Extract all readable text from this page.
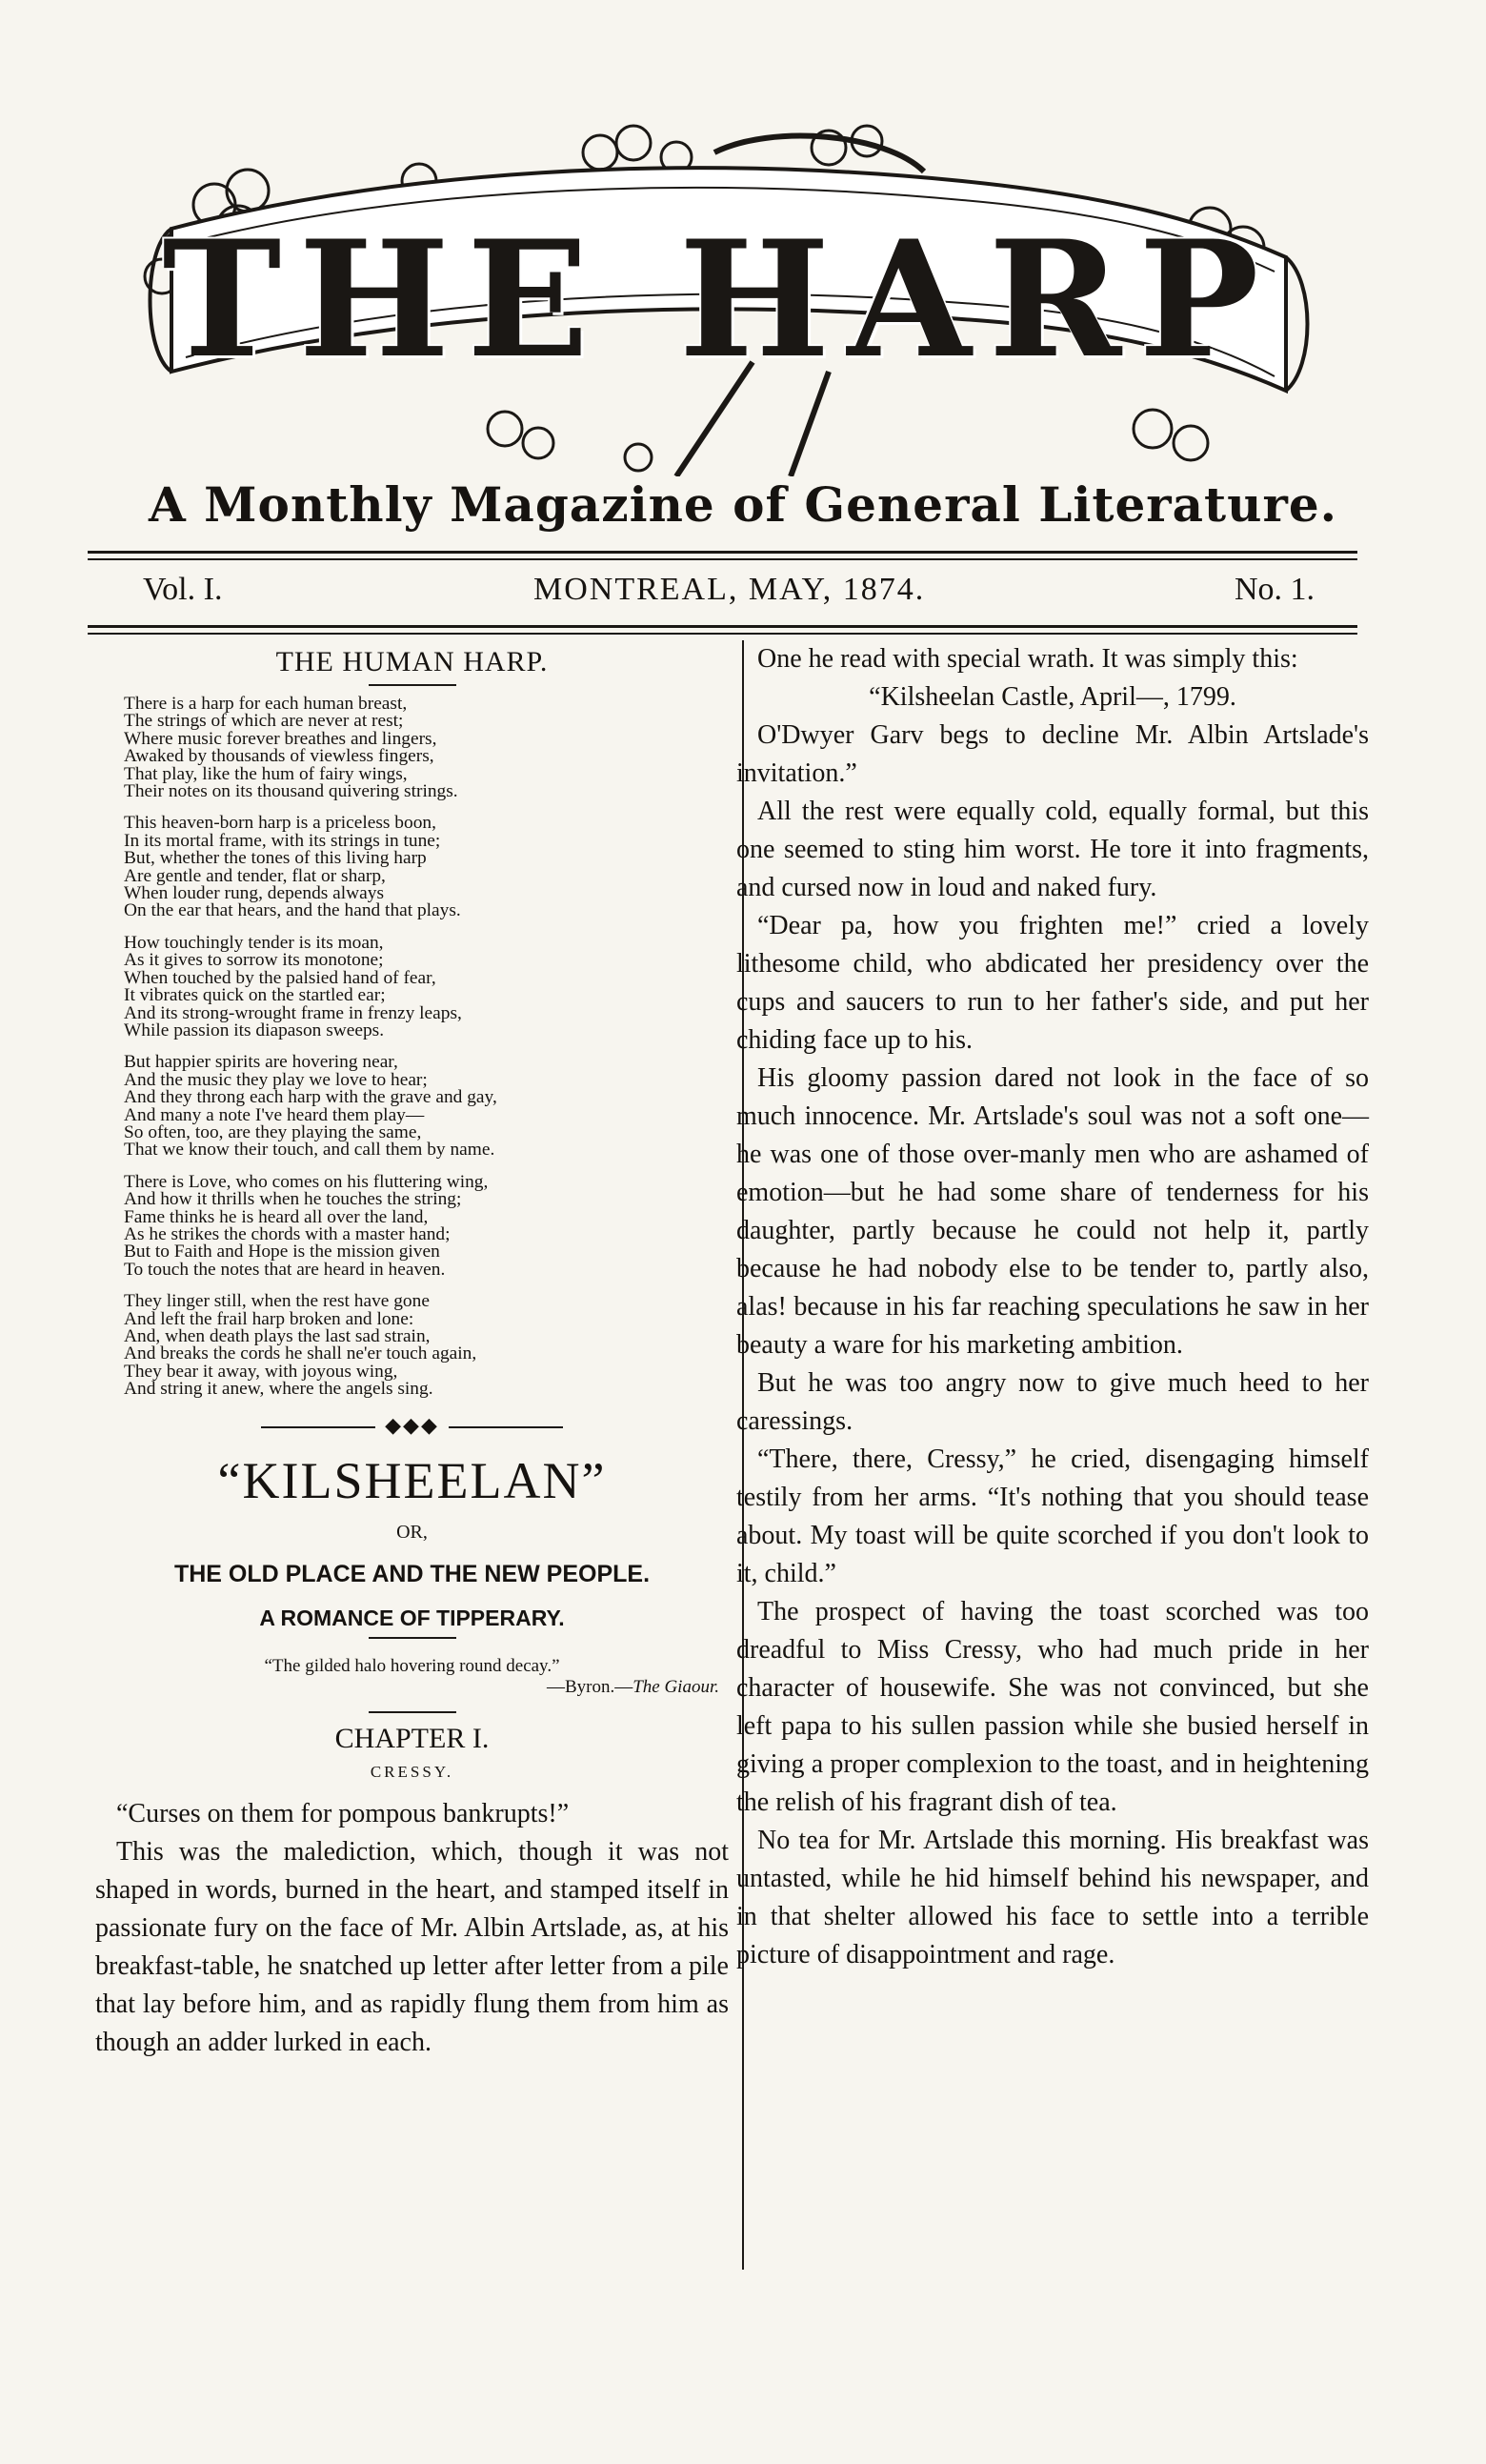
THE HARP
A Monthly Magazine of General Literature.
Vol. I.	MONTREAL, MAY, 1874.	No. 1.
THE HUMAN HARP.
There is a harp for each human breast,
The strings of which are never at rest;
Where music forever breathes and lingers,
Awaked by thousands of viewless fingers,
That play, like the hum of fairy wings,
Their notes on its thousand quivering strings.
This heaven-born harp is a priceless boon,
In its mortal frame, with its strings in tune;
But, whether the tones of this living harp
Are gentle and tender, flat or sharp,
When louder rung, depends always
On the ear that hears, and the hand that plays.
How touchingly tender is its moan,
As it gives to sorrow its monotone;
When touched by the palsied hand of fear,
It vibrates quick on the startled ear;
And its strong-wrought frame in frenzy leaps,
While passion its diapason sweeps.
But happier spirits are hovering near,
And the music they play we love to hear;
And they throng each harp with the grave and gay,
And many a note I've heard them play—
So often, too, are they playing the same,
That we know their touch, and call them by name.
There is Love, who comes on his fluttering wing,
And how it thrills when he touches the string;
Fame thinks he is heard all over the land,
As he strikes the chords with a master hand;
But to Faith and Hope is the mission given
To touch the notes that are heard in heaven.
They linger still, when the rest have gone
And left the frail harp broken and lone:
And, when death plays the last sad strain,
And breaks the cords he shall ne'er touch again,
They bear it away, with joyous wing,
And string it anew, where the angels sing.
◆◆◆
“KILSHEELAN”
OR,
THE OLD PLACE AND THE NEW PEOPLE.
A ROMANCE OF TIPPERARY.
“The gilded halo hovering round decay.”
—Byron.—The Giaour.
CHAPTER I.
CRESSY.

“Curses on them for pompous bankrupts!”

This was the malediction, which, though it was not shaped in words, burned in the heart, and stamped itself in passionate fury on the face of Mr. Albin Artslade, as, at his breakfast-table, he snatched up letter after letter from a pile that lay before him, and as rapidly flung them from him as though an adder lurked in each.

One he read with special wrath. It was simply this:

“Kilsheelan Castle, April—, 1799.

O'Dwyer Garv begs to decline Mr. Albin Artslade's invitation.”

All the rest were equally cold, equally formal, but this one seemed to sting him worst. He tore it into fragments, and cursed now in loud and naked fury.

“Dear pa, how you frighten me!” cried a lovely lithesome child, who abdicated her presidency over the cups and saucers to run to her father's side, and put her chiding face up to his.

His gloomy passion dared not look in the face of so much innocence. Mr. Artslade's soul was not a soft one—he was one of those over-manly men who are ashamed of emotion—but he had some share of tenderness for his daughter, partly because he could not help it, partly because he had nobody else to be tender to, partly also, alas! because in his far reaching speculations he saw in her beauty a ware for his marketing ambition.

But he was too angry now to give much heed to her caressings.

“There, there, Cressy,” he cried, disengaging himself testily from her arms. “It's nothing that you should tease about. My toast will be quite scorched if you don't look to it, child.”

The prospect of having the toast scorched was too dreadful to Miss Cressy, who had much pride in her character of housewife. She was not convinced, but she left papa to his sullen passion while she busied herself in giving a proper complexion to the toast, and in heightening the relish of his fragrant dish of tea.

No tea for Mr. Artslade this morning. His breakfast was untasted, while he hid himself behind his newspaper, and in that shelter allowed his face to settle into a terrible picture of disappointment and rage.
